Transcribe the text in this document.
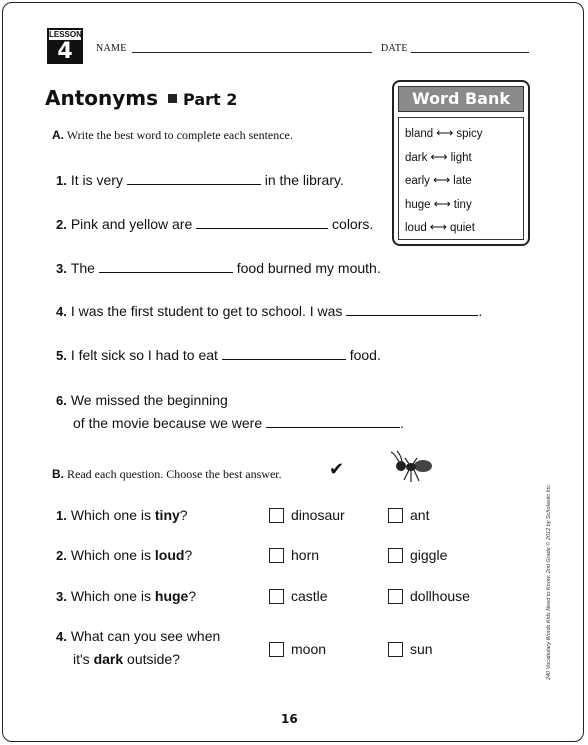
LESSON
4	NAME	DATE
Antonyms Part 2	Word Bank
bland ⟷ spicy
dark ⟷ light
early ⟷ late
huge ⟷ tiny
loud ⟷ quiet
A. Write the best word to complete each sentence.
1. It is very	in the library.
2. Pink and yellow are	colors.
3. The	food burned my mouth.
4. I was the first student to get to school. I was	.
5. I felt sick so I had to eat	food.
6. We missed the beginning
of the movie because we were	.
B. Read each question. Choose the best answer.	✔
1. Which one is tiny?	dinosaur	ant
2. Which one is loud?	horn	giggle
3. Which one is huge?	castle	dollhouse
4. What can you see when
it's dark outside?
moon	sun
16
240 Vocabulary Words Kids Need to Know: 2nd Grade © 2012 by Scholastic Inc.
